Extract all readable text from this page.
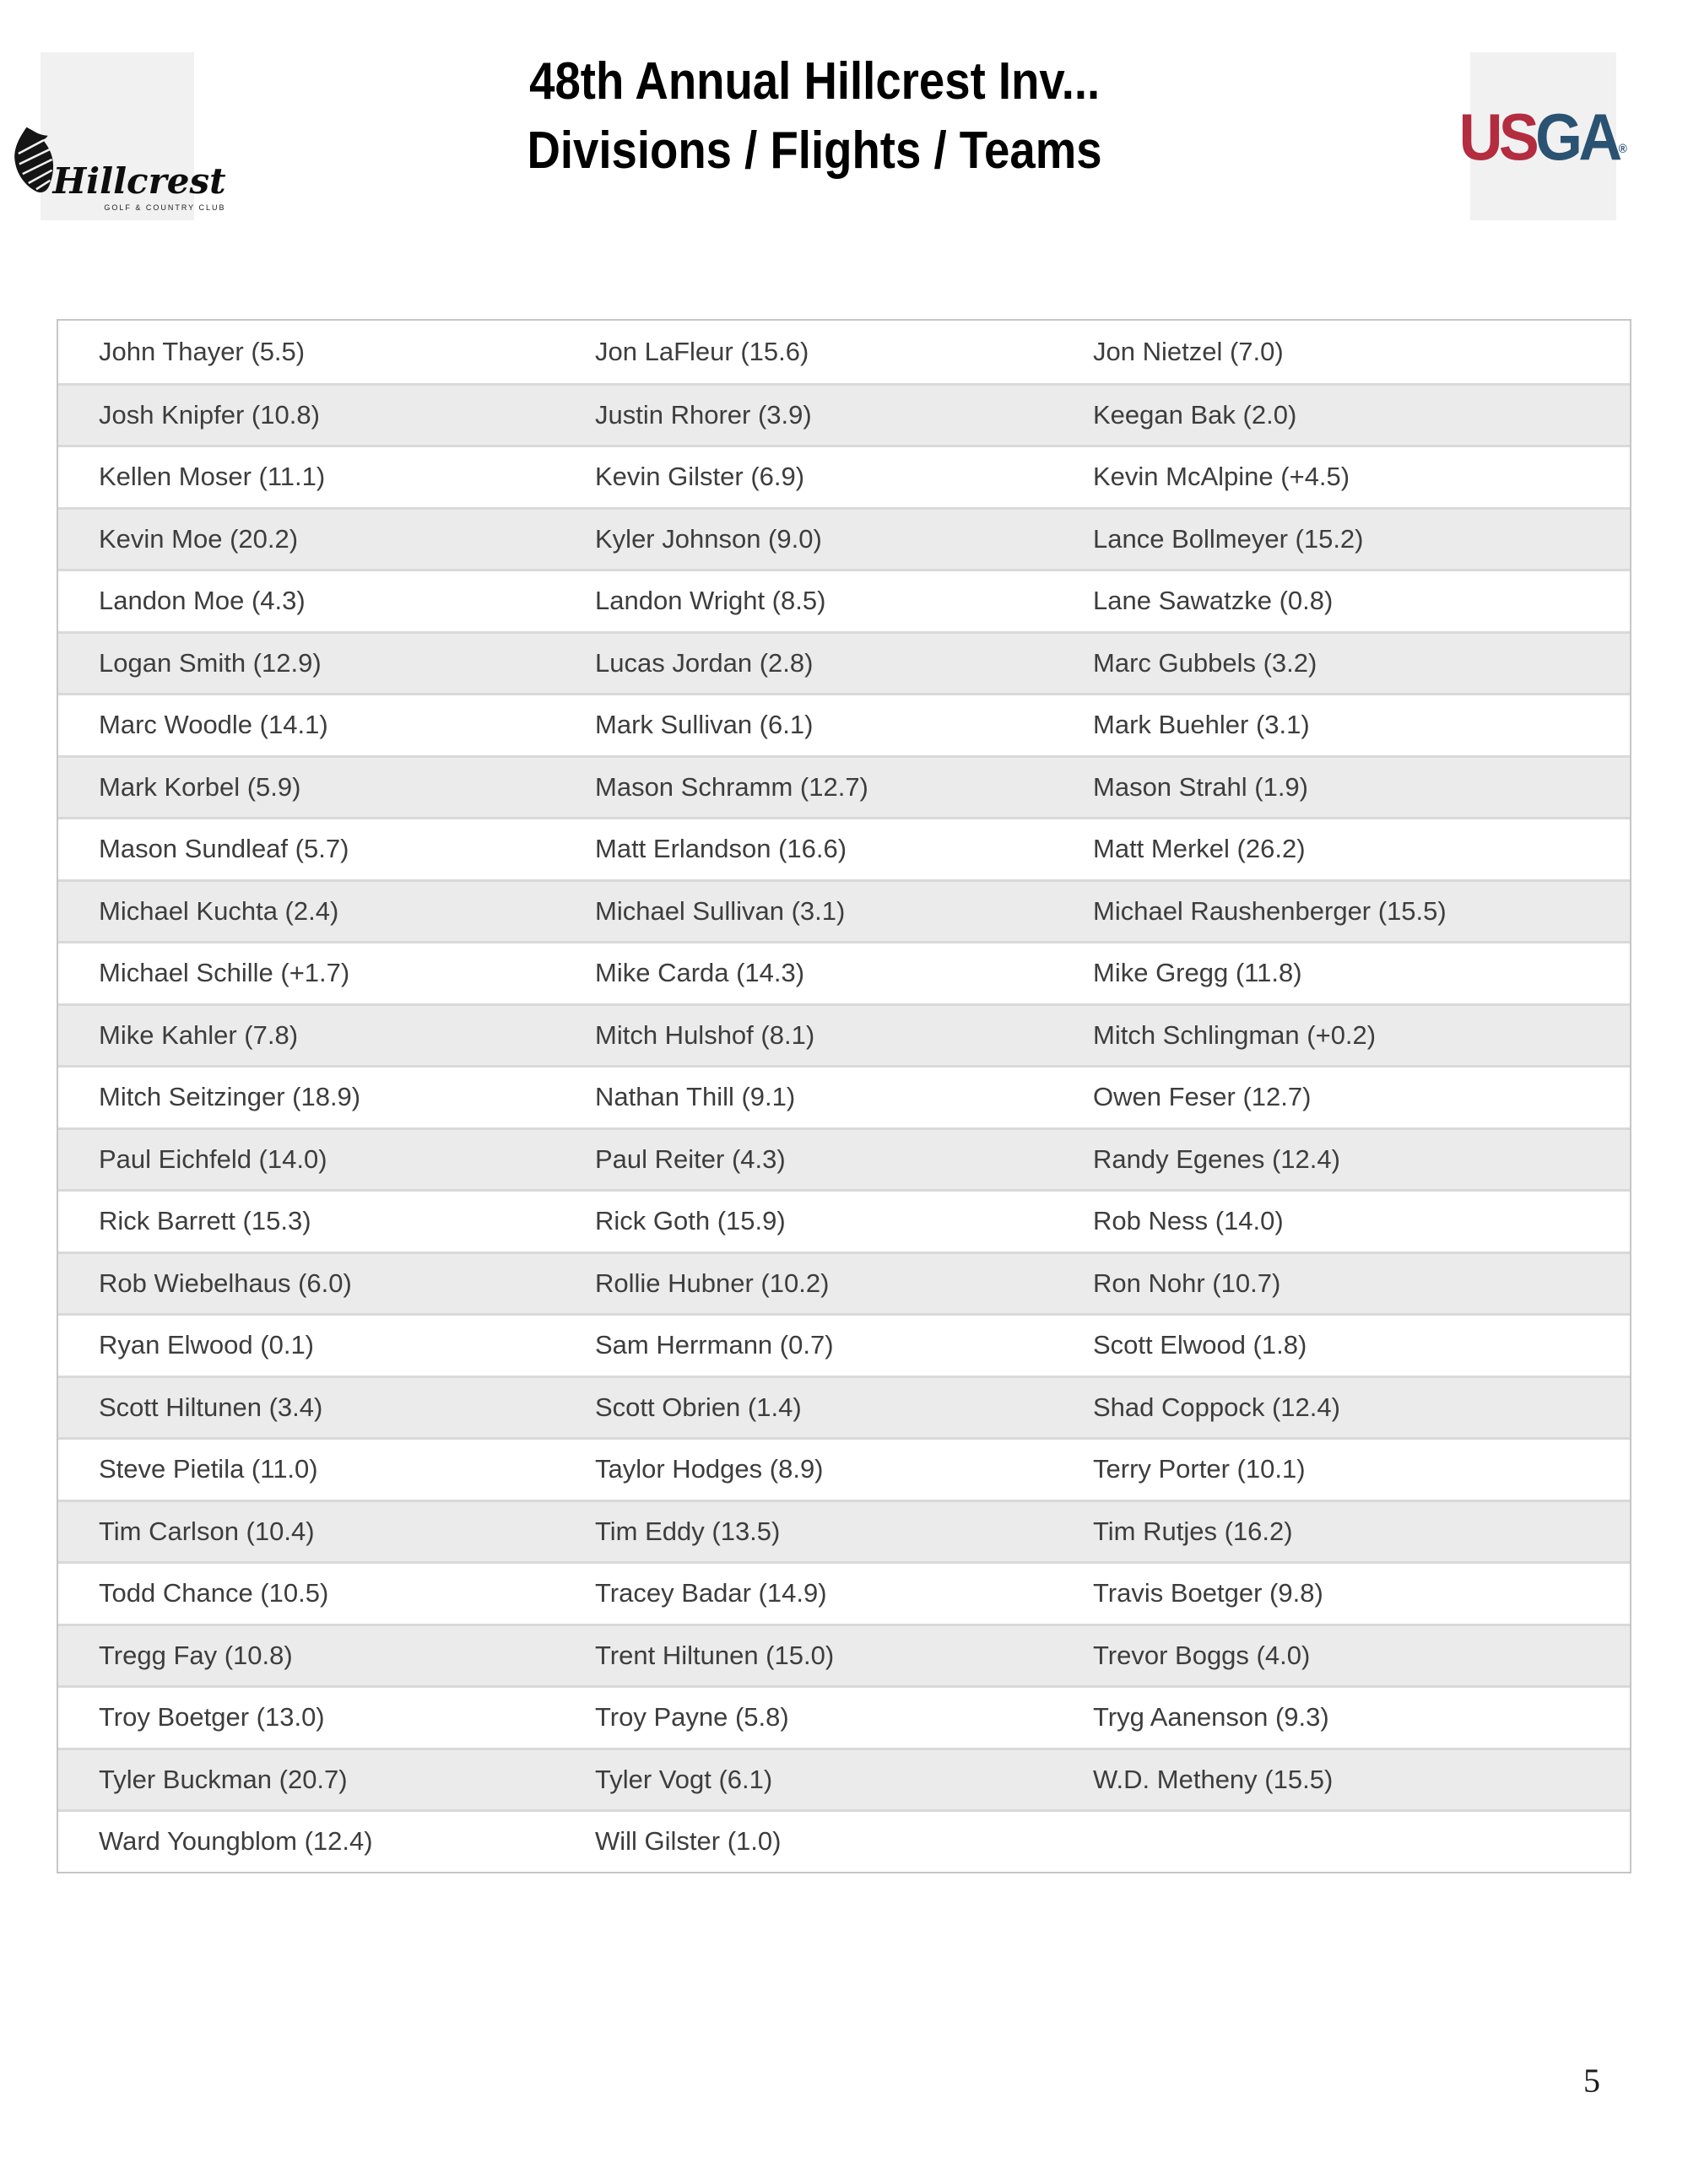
Hillcrest
GOLF & COUNTRY CLUB
48th Annual Hillcrest Inv...
Divisions / Flights / Teams	USGA®
John Thayer (5.5)	Jon LaFleur (15.6)	Jon Nietzel (7.0)
Josh Knipfer (10.8)	Justin Rhorer (3.9)	Keegan Bak (2.0)
Kellen Moser (11.1)	Kevin Gilster (6.9)	Kevin McAlpine (+4.5)
Kevin Moe (20.2)	Kyler Johnson (9.0)	Lance Bollmeyer (15.2)
Landon Moe (4.3)	Landon Wright (8.5)	Lane Sawatzke (0.8)
Logan Smith (12.9)	Lucas Jordan (2.8)	Marc Gubbels (3.2)
Marc Woodle (14.1)	Mark Sullivan (6.1)	Mark Buehler (3.1)
Mark Korbel (5.9)	Mason Schramm (12.7)	Mason Strahl (1.9)
Mason Sundleaf (5.7)	Matt Erlandson (16.6)	Matt Merkel (26.2)
Michael Kuchta (2.4)	Michael Sullivan (3.1)	Michael Raushenberger (15.5)
Michael Schille (+1.7)	Mike Carda (14.3)	Mike Gregg (11.8)
Mike Kahler (7.8)	Mitch Hulshof (8.1)	Mitch Schlingman (+0.2)
Mitch Seitzinger (18.9)	Nathan Thill (9.1)	Owen Feser (12.7)
Paul Eichfeld (14.0)	Paul Reiter (4.3)	Randy Egenes (12.4)
Rick Barrett (15.3)	Rick Goth (15.9)	Rob Ness (14.0)
Rob Wiebelhaus (6.0)	Rollie Hubner (10.2)	Ron Nohr (10.7)
Ryan Elwood (0.1)	Sam Herrmann (0.7)	Scott Elwood (1.8)
Scott Hiltunen (3.4)	Scott Obrien (1.4)	Shad Coppock (12.4)
Steve Pietila (11.0)	Taylor Hodges (8.9)	Terry Porter (10.1)
Tim Carlson (10.4)	Tim Eddy (13.5)	Tim Rutjes (16.2)
Todd Chance (10.5)	Tracey Badar (14.9)	Travis Boetger (9.8)
Tregg Fay (10.8)	Trent Hiltunen (15.0)	Trevor Boggs (4.0)
Troy Boetger (13.0)	Troy Payne (5.8)	Tryg Aanenson (9.3)
Tyler Buckman (20.7)	Tyler Vogt (6.1)	W.D. Metheny (15.5)
Ward Youngblom (12.4)	Will Gilster (1.0)
5
